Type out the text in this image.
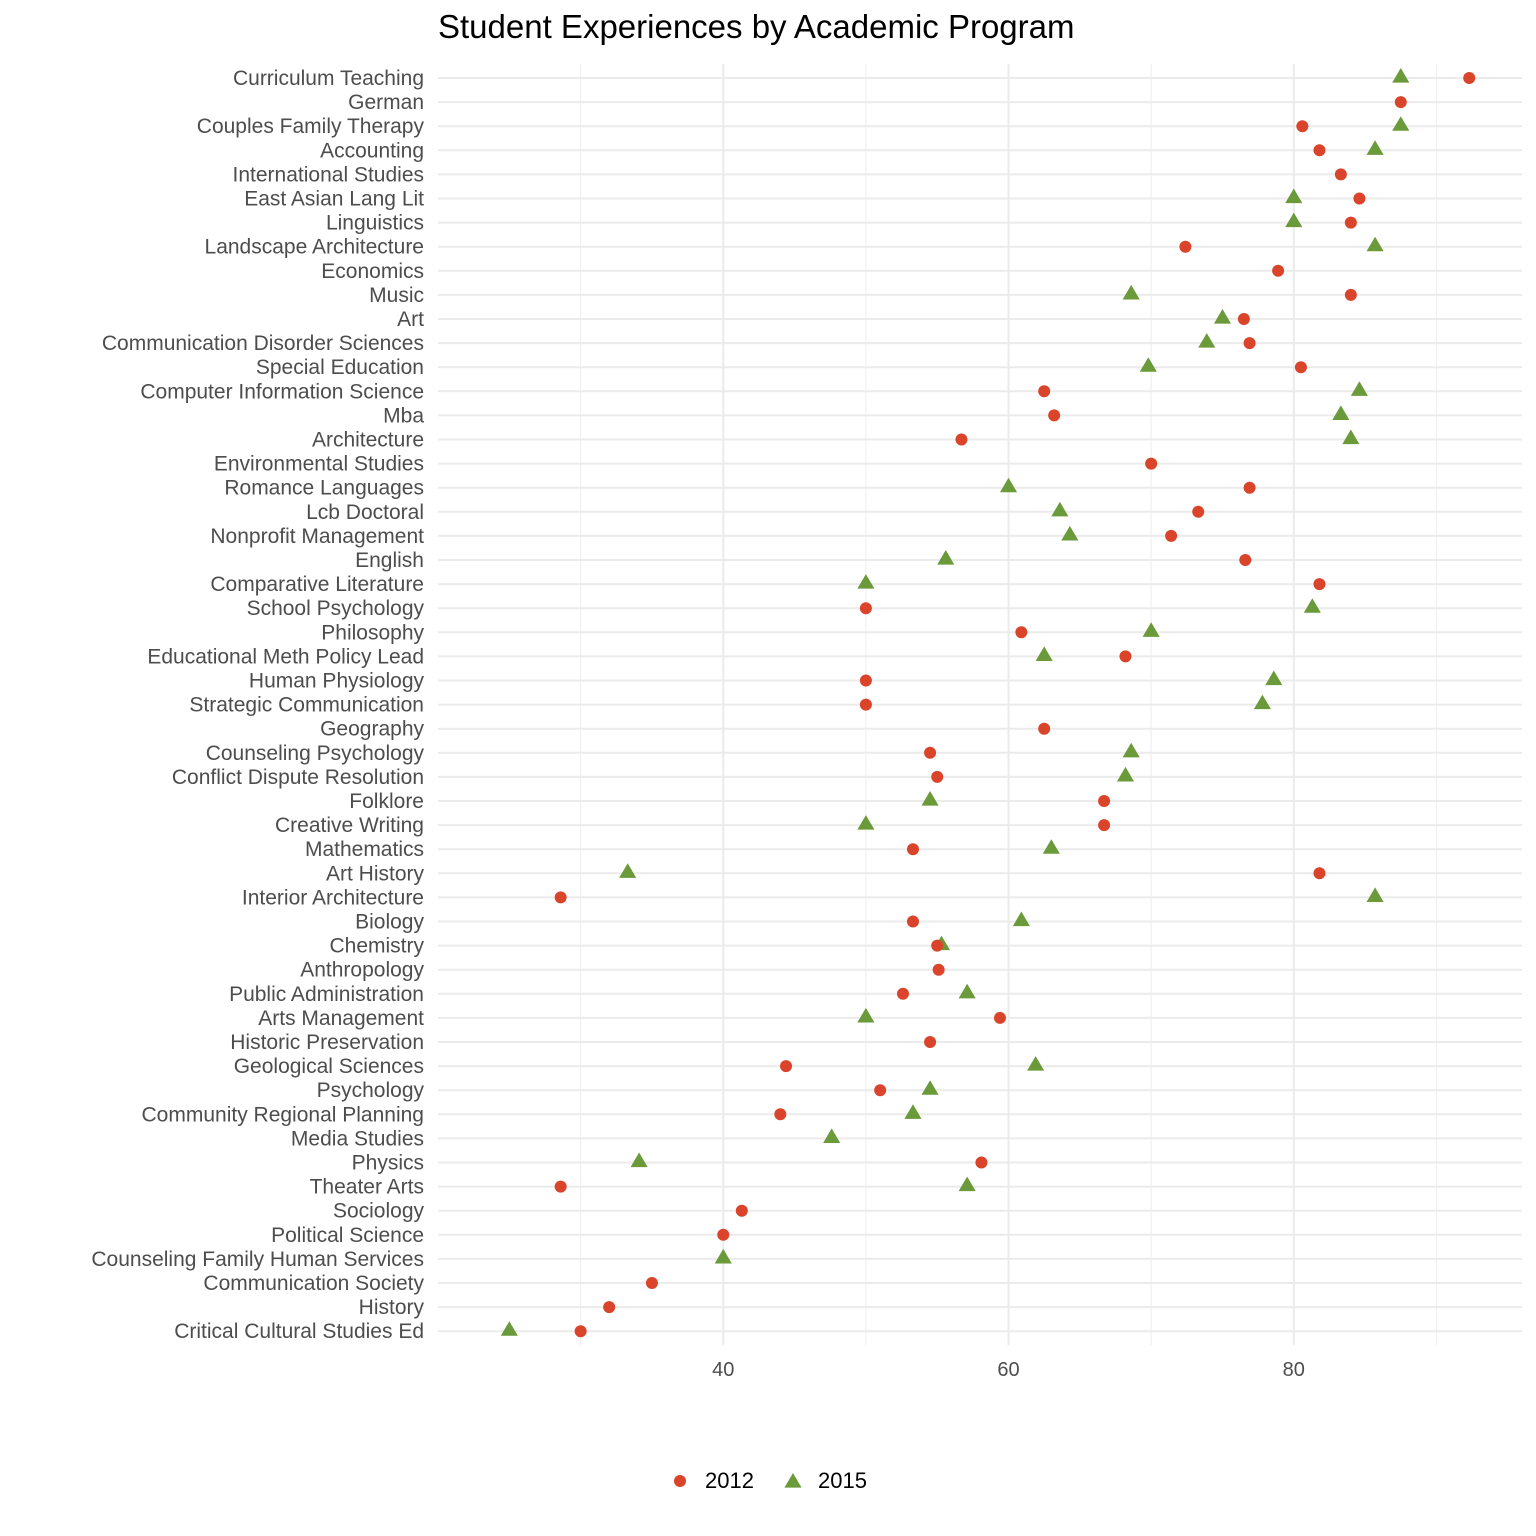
Student Experiences by Academic Program
Curriculum Teaching
German
Couples Family Therapy
Accounting
International Studies
East Asian Lang Lit
Linguistics
Landscape Architecture
Economics
Music
Art
Communication Disorder Sciences
Special Education
Computer Information Science
Mba
Architecture
Environmental Studies
Romance Languages
Lcb Doctoral
Nonprofit Management
English
Comparative Literature
School Psychology
Philosophy
Educational Meth Policy Lead
Human Physiology
Strategic Communication
Geography
Counseling Psychology
Conflict Dispute Resolution
Folklore
Creative Writing
Mathematics
Art History
Interior Architecture
Biology
Chemistry
Anthropology
Public Administration
Arts Management
Historic Preservation
Geological Sciences
Psychology
Community Regional Planning
Media Studies
Physics
Theater Arts
Sociology
Political Science
Counseling Family Human Services
Communication Society
History
Critical Cultural Studies Ed
40	60	80
2012	2015
